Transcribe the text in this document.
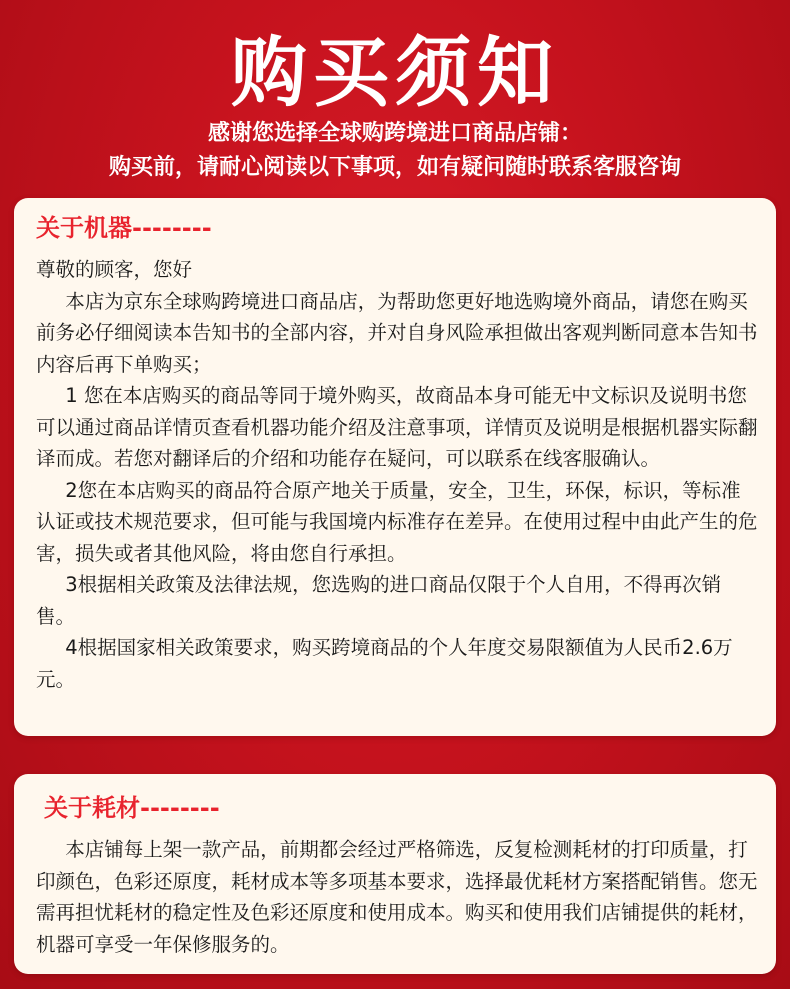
购买须知
感谢您选择全球购跨境进口商品店铺：
购买前，请耐心阅读以下事项，如有疑问随时联系客服咨询
关于机器--------

尊敬的顾客，您好

本店为京东全球购跨境进口商品店，为帮助您更好地选购境外商品，请您在购买前务必仔细阅读本告知书的全部内容，并对自身风险承担做出客观判断同意本告知书内容后再下单购买；

1 您在本店购买的商品等同于境外购买，故商品本身可能无中文标识及说明书您可以通过商品详情页查看机器功能介绍及注意事项，详情页及说明是根据机器实际翻译而成。若您对翻译后的介绍和功能存在疑问，可以联系在线客服确认。

2您在本店购买的商品符合原产地关于质量，安全，卫生，环保，标识，等标准认证或技术规范要求，但可能与我国境内标准存在差异。在使用过程中由此产生的危害，损失或者其他风险，将由您自行承担。

3根据相关政策及法律法规，您选购的进口商品仅限于个人自用，不得再次销售。

4根据国家相关政策要求，购买跨境商品的个人年度交易限额值为人民币2.6万元。

关于耗材--------

本店铺每上架一款产品，前期都会经过严格筛选，反复检测耗材的打印质量，打印颜色，色彩还原度，耗材成本等多项基本要求，选择最优耗材方案搭配销售。您无需再担忧耗材的稳定性及色彩还原度和使用成本。购买和使用我们店铺提供的耗材，机器可享受一年保修服务的。
